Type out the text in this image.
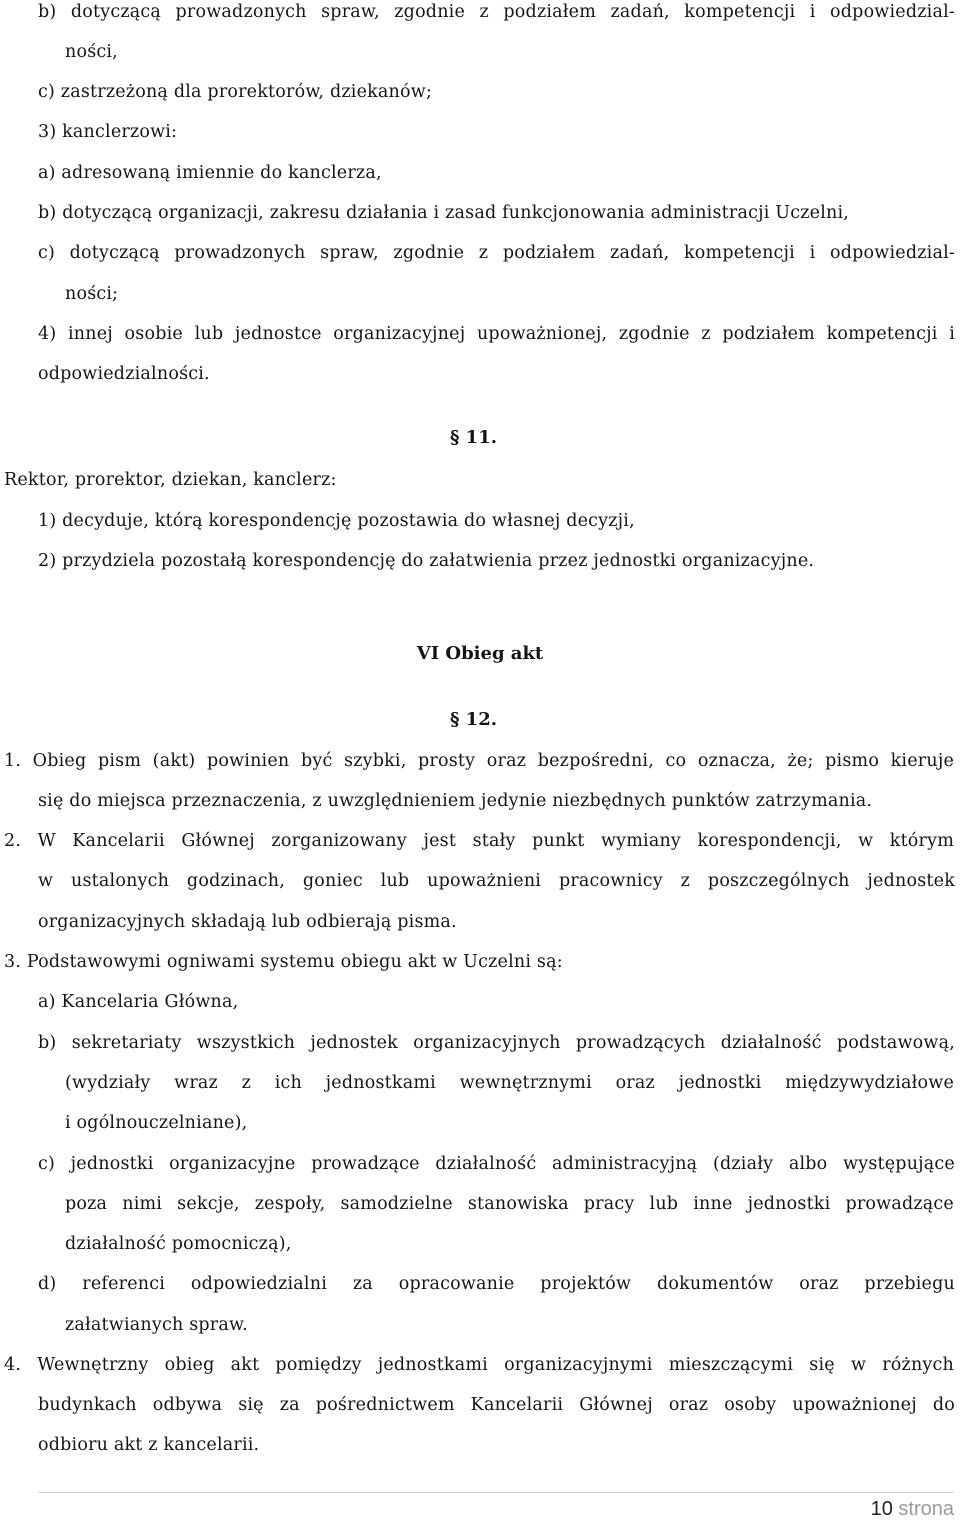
b) dotyczącą prowadzonych spraw, zgodnie z podziałem zadań, kompetencji i odpowiedzial-
ności,
c) zastrzeżoną dla prorektorów, dziekanów;
3) kanclerzowi:
a) adresowaną imiennie do kanclerza,
b) dotyczącą organizacji, zakresu działania i zasad funkcjonowania administracji Uczelni,
c) dotyczącą prowadzonych spraw, zgodnie z podziałem zadań, kompetencji i odpowiedzial-
ności;
4) innej osobie lub jednostce organizacyjnej upoważnionej, zgodnie z podziałem kompetencji i
odpowiedzialności.
§ 11.
Rektor, prorektor, dziekan, kanclerz:
1) decyduje, którą korespondencję pozostawia do własnej decyzji,
2) przydziela pozostałą korespondencję do załatwienia przez jednostki organizacyjne.
VI Obieg akt
§ 12.
1. Obieg pism (akt) powinien być szybki, prosty oraz bezpośredni, co oznacza, że; pismo kieruje
się do miejsca przeznaczenia, z uwzględnieniem jedynie niezbędnych punktów zatrzymania.
2. W Kancelarii Głównej zorganizowany jest stały punkt wymiany korespondencji, w którym
w ustalonych godzinach, goniec lub upoważnieni pracownicy z poszczególnych jednostek
organizacyjnych składają lub odbierają pisma.
3. Podstawowymi ogniwami systemu obiegu akt w Uczelni są:
a) Kancelaria Główna,
b) sekretariaty wszystkich jednostek organizacyjnych prowadzących działalność podstawową,
(wydziały wraz z ich jednostkami wewnętrznymi oraz jednostki międzywydziałowe
i ogólnouczelniane),
c) jednostki organizacyjne prowadzące działalność administracyjną (działy albo występujące
poza nimi sekcje, zespoły, samodzielne stanowiska pracy lub inne jednostki prowadzące
działalność pomocniczą),
d) referenci odpowiedzialni za opracowanie projektów dokumentów oraz przebiegu
załatwianych spraw.
4. Wewnętrzny obieg akt pomiędzy jednostkami organizacyjnymi mieszczącymi się w różnych
budynkach odbywa się za pośrednictwem Kancelarii Głównej oraz osoby upoważnionej do
odbioru akt z kancelarii.
10 strona
